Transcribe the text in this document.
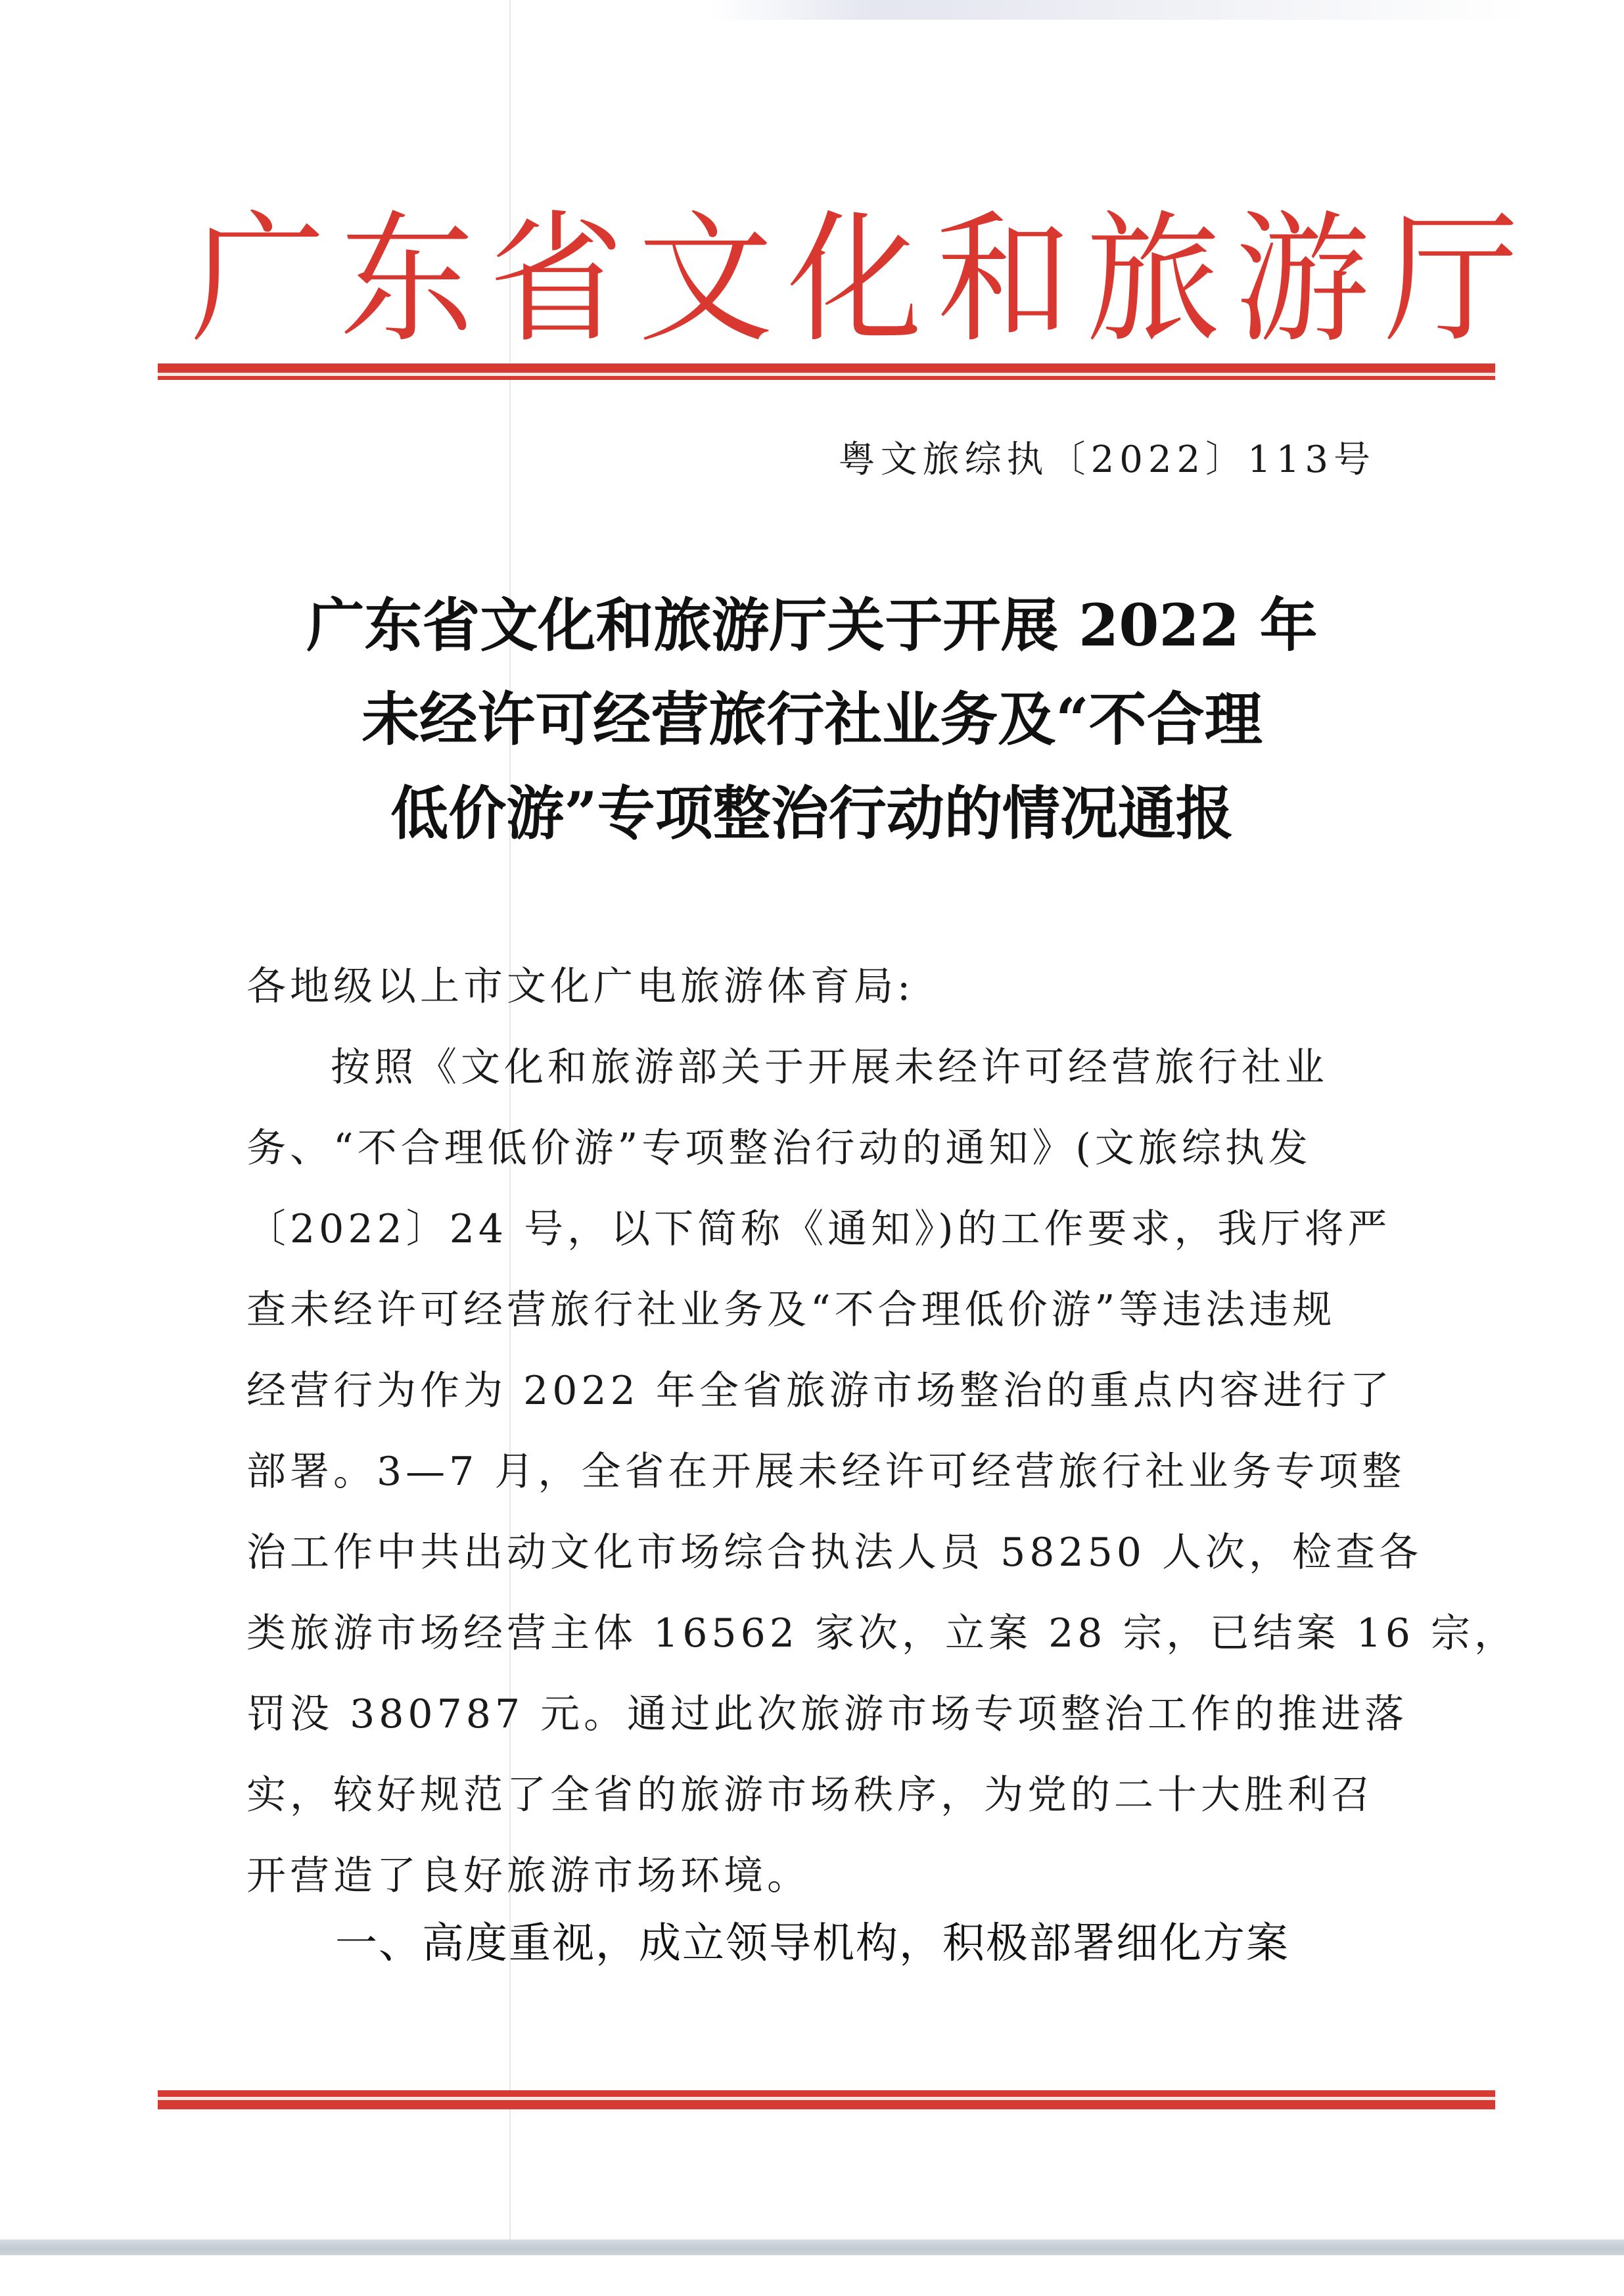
广东省文化和旅游厅
粤文旅综执〔2022〕113号
广东省文化和旅游厅关于开展 2022 年
未经许可经营旅行社业务及“不合理
低价游”专项整治行动的情况通报
各地级以上市文化广电旅游体育局:
按照《文化和旅游部关于开展未经许可经营旅行社业
务、“不合理低价游”专项整治行动的通知》(文旅综执发
〔2022〕24 号，以下简称《通知》)的工作要求，我厅将严
查未经许可经营旅行社业务及“不合理低价游”等违法违规
经营行为作为 2022 年全省旅游市场整治的重点内容进行了
部署。3—7 月，全省在开展未经许可经营旅行社业务专项整
治工作中共出动文化市场综合执法人员 58250 人次，检查各
类旅游市场经营主体 16562 家次，立案 28 宗，已结案 16 宗，
罚没 380787 元。通过此次旅游市场专项整治工作的推进落
实，较好规范了全省的旅游市场秩序，为党的二十大胜利召
开营造了良好旅游市场环境。
一、高度重视，成立领导机构，积极部署细化方案
